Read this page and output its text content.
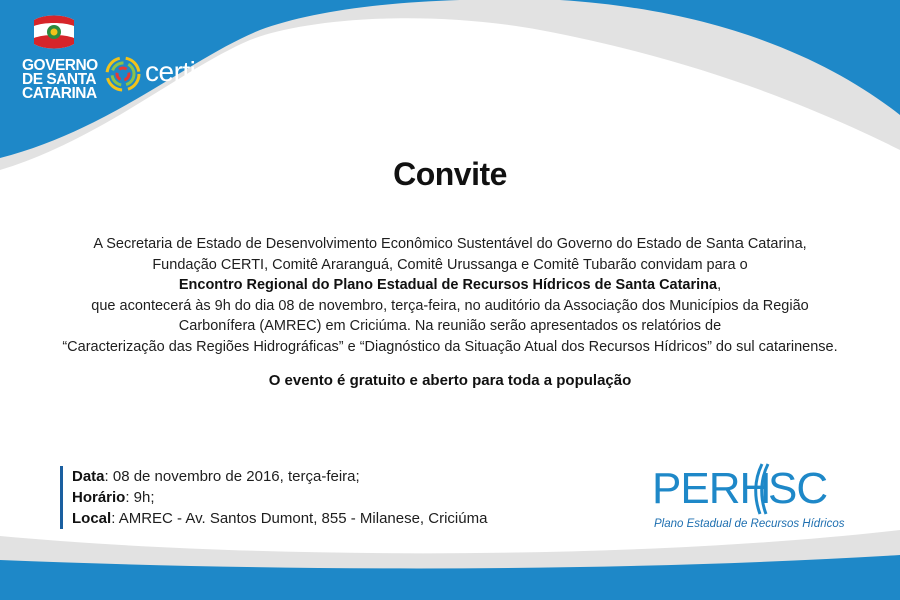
GOVERNO
DE SANTA
CATARINA
certi
Convite
A Secretaria de Estado de Desenvolvimento Econômico Sustentável do Governo do Estado de Santa Catarina,
Fundação CERTI, Comitê Araranguá, Comitê Urussanga e Comitê Tubarão convidam para o
Encontro Regional do Plano Estadual de Recursos Hídricos de Santa Catarina,
que acontecerá às 9h do dia 08 de novembro, terça-feira, no auditório da Associação dos Municípios da Região
Carbonífera (AMREC) em Criciúma. Na reunião serão apresentados os relatórios de
“Caracterização das Regiões Hidrográficas” e “Diagnóstico da Situação Atual dos Recursos Hídricos” do sul catarinense.
O evento é gratuito e aberto para toda a população
Data: 08 de novembro de 2016, terça-feira;
Horário: 9h;
Local: AMREC - Av. Santos Dumont, 855 - Milanese, Criciúma
PERH
SC
Plano Estadual de Recursos Hídricos
